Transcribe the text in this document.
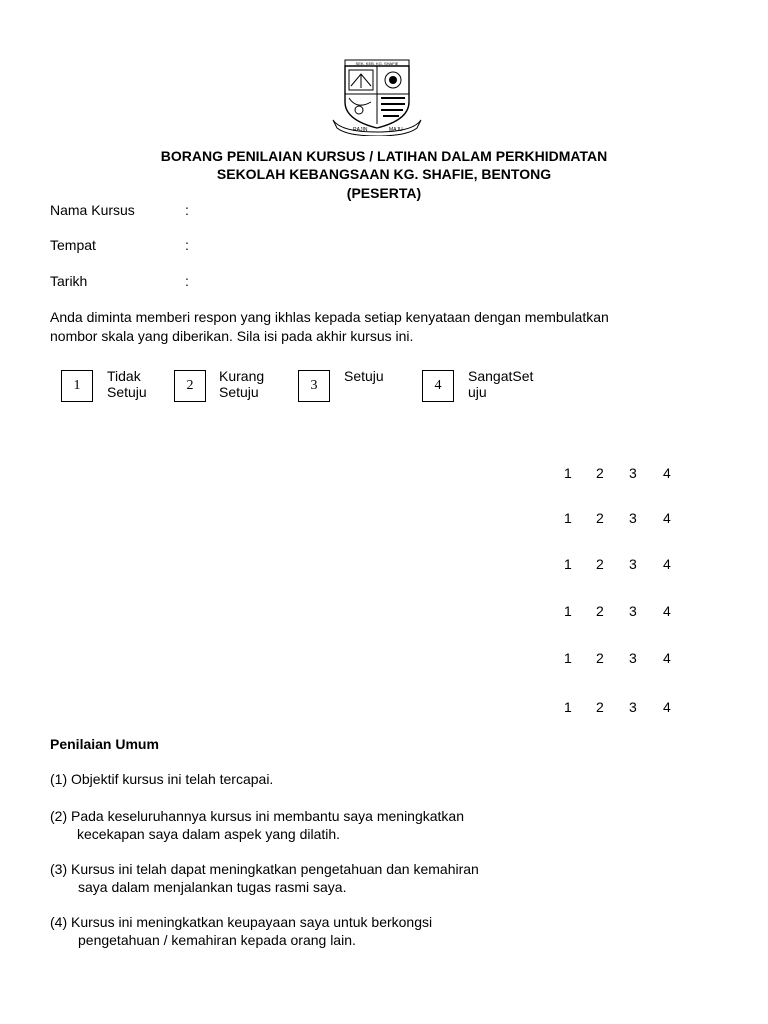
SEK. KEB. KG. SHAFIE
RAJIN	MAJU
BORANG PENILAIAN KURSUS / LATIHAN DALAM PERKHIDMATAN
SEKOLAH KEBANGSAAN KG. SHAFIE, BENTONG
(PESERTA)
Nama Kursus	:
Tempat	:
Tarikh	:
Anda diminta memberi respon yang ikhlas kepada setiap kenyataan dengan membulatkan
nombor skala yang diberikan. Sila isi pada akhir kursus ini.
1
Tidak
Setuju	2
Kurang
Setuju	3
Setuju
4
SangatSet
uju
1 2 3 4
1 2 3 4
1 2 3 4
1 2 3 4
1 2 3 4
1 2 3 4
Penilaian Umum
(1) Objektif kursus ini telah tercapai.
(2) Pada keseluruhannya kursus ini membantu saya meningkatkan
kecekapan saya dalam aspek yang dilatih.
(3) Kursus ini telah dapat meningkatkan pengetahuan dan kemahiran
saya dalam menjalankan tugas rasmi saya.
(4) Kursus ini meningkatkan keupayaan saya untuk berkongsi
pengetahuan / kemahiran kepada orang lain.
